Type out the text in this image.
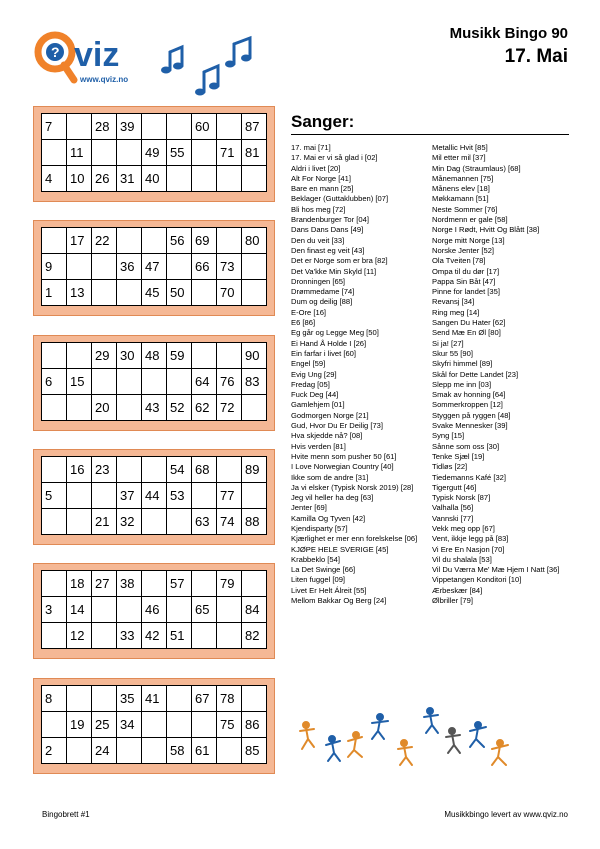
? viz
www.qviz.no
Musikk Bingo 90
17. Mai
7		28	39			60		87
	11			49	55		71	81
4	10	26	31	40				
	17	22			56	69		80
9			36	47		66	73	
1	13			45	50		70	
		29	30	48	59			90
6	15					64	76	83
		20		43	52	62	72	
	16	23			54	68		89
5			37	44	53		77	
		21	32			63	74	88
	18	27	38		57		79	
3	14			46		65		84
	12		33	42	51			82
8			35	41		67	78	
	19	25	34				75	86
2		24			58	61		85
Sanger:
17. mai [71]
17. Mai er vi så glad i [02]
Aldri i livet [20]
Alt For Norge [41]
Bare en mann [25]
Beklager (Guttaklubben) [07]
Bli hos meg [72]
Brandenburger Tor [04]
Dans Dans Dans [49]
Den du veit [33]
Den finast eg veit [43]
Det er Norge som er bra [82]
Det Va'kke Min Skyld [11]
Dronningen [65]
Drømmedame [74]
Dum og deilig [88]
E-Ore [16]
E6 [86]
Eg går og Legge Meg [50]
Ei Hand Å Holde I [26]
Ein farfar i livet [60]
Engel [59]
Evig Ung [29]
Fredag [05]
Fuck Deg [44]
Gamlehjem [01]
Godmorgen Norge [21]
Gud, Hvor Du Er Deilig [73]
Hva skjedde nå? [08]
Hvis verden [81]
Hvite menn som pusher 50 [61]
I Love Norwegian Country [40]
Ikke som de andre [31]
Ja vi elsker (Typisk Norsk 2019) [28]
Jeg vil heller ha deg [63]
Jenter [69]
Kamilla Og Tyven [42]
Kjendisparty [57]
Kjærlighet er mer enn forelskelse [06]
KJØPE HELE SVERIGE [45]
Krabbeklo [54]
La Det Swinge [66]
Liten fuggel [09]
Livet Er Helt Álreit [55]
Mellom Bakkar Og Berg [24]
Metallic Hvit [85]
Mil etter mil [37]
Min Dag (Straumlaus) [68]
Månemannen [75]
Månens elev [18]
Møkkamann [51]
Neste Sommer [76]
Nordmenn er gale [58]
Norge I Rødt, Hvitt Og Blått [38]
Norge mitt Norge [13]
Norske Jenter [52]
Ola Tveiten [78]
Ompa til du dør [17]
Pappa Sin Båt [47]
Pinne for landet [35]
Revansj [34]
Ring meg [14]
Sangen Du Hater [62]
Send Mæ En Øl [80]
Si ja! [27]
Skur 55 [90]
Skyfri himmel [89]
Skål for Dette Landet [23]
Slepp me inn [03]
Smak av honning [64]
Sommerkroppen [12]
Styggen på ryggen [48]
Svake Mennesker [39]
Syng [15]
Sånne som oss [30]
Tenke Sjæl [19]
Tidløs [22]
Tiedemanns Kafé [32]
Tigergutt [46]
Typisk Norsk [87]
Valhalla [56]
Vannski [77]
Vekk meg opp [67]
Vent, ikkje legg på [83]
Vi Ere En Nasjon [70]
Vil du shalala [53]
Vil Du Værra Me' Mæ Hjem I Natt [36]
Vippetangen Konditori [10]
Ærbeskær [84]
Ølbriller [79]
Bingobrett #1	Musikkbingo levert av www.qviz.no
